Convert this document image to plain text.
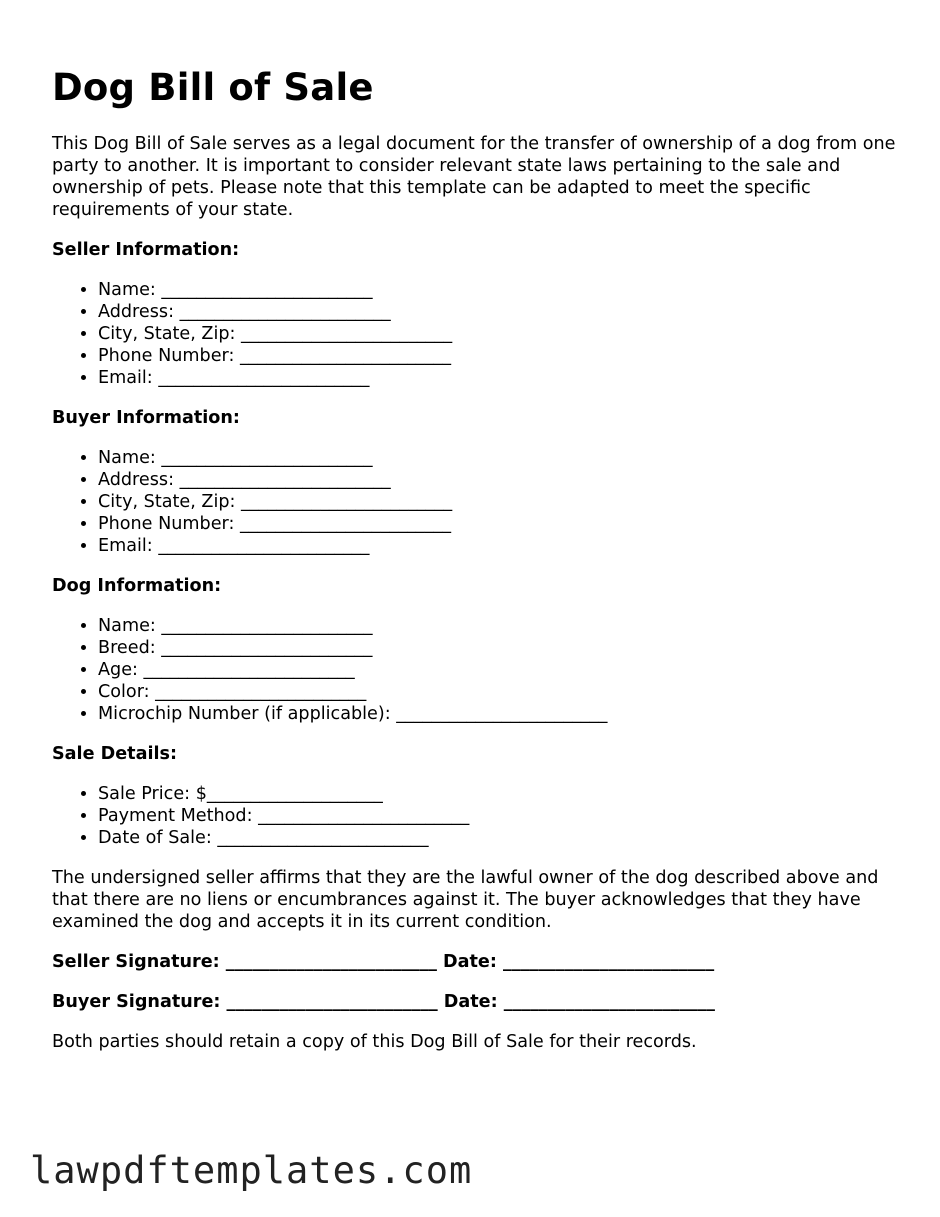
Dog Bill of Sale

This Dog Bill of Sale serves as a legal document for the transfer of ownership of a dog from one party to another. It is important to consider relevant state laws pertaining to the sale and ownership of pets. Please note that this template can be adapted to meet the specific requirements of your state.

Seller Information:

• Name: ________________________
• Address: ________________________
• City, State, Zip: ________________________
• Phone Number: ________________________
• Email: ________________________

Buyer Information:

• Name: ________________________
• Address: ________________________
• City, State, Zip: ________________________
• Phone Number: ________________________
• Email: ________________________

Dog Information:

• Name: ________________________
• Breed: ________________________
• Age: ________________________
• Color: ________________________
• Microchip Number (if applicable): ________________________

Sale Details:

• Sale Price: $____________________
• Payment Method: ________________________
• Date of Sale: ________________________

The undersigned seller affirms that they are the lawful owner of the dog described above and that there are no liens or encumbrances against it. The buyer acknowledges that they have examined the dog and accepts it in its current condition.

Seller Signature: ________________________ Date: ________________________

Buyer Signature: ________________________ Date: ________________________

Both parties should retain a copy of this Dog Bill of Sale for their records.

lawpdftemplates.com
